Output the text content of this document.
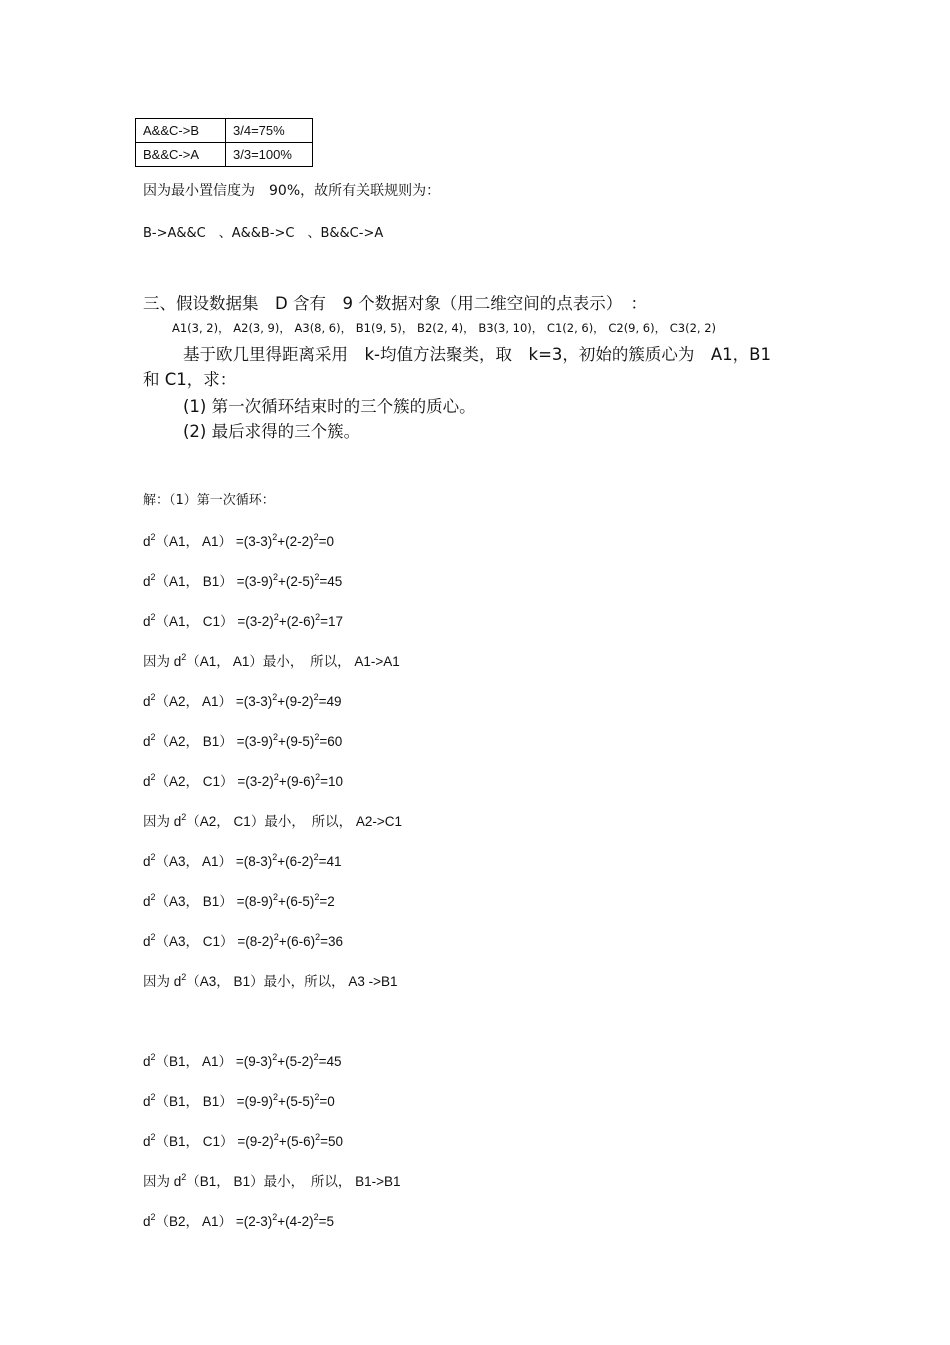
A&&C->B	3/4=75%
B&&C->A	3/3=100%
因为最小置信度为　90%，故所有关联规则为：
B->A&&C　、A&&B->C　、B&&C->A
三、假设数据集　D 含有　9 个数据对象（用二维空间的点表示）　：
A1(3, 2)， A2(3, 9)， A3(8, 6)， B1(9, 5)， B2(2, 4)， B3(3, 10)， C1(2, 6)， C2(9, 6)， C3(2, 2)
基于欧几里得距离采用　k-均值方法聚类，取　k=3，初始的簇质心为　A1，B1
和 C1，求：
(1) 第一次循环结束时的三个簇的质心。
(2) 最后求得的三个簇。
解：（1）第一次循环：
$d^2(A1$， $A1) =(3-3)^2+(2-2)^2=0$
$d^2(A1$， $B1) =(3-9)^2+(2-5)^2=45$
$d^2(A1$， $C1) =(3-2)^2+(2-6)^2=17$
因为 $d^2(A1$， A1）最小，　所以， A1->A1
$d^2(A2$， $A1) =(3-3)^2+(9-2)^2=49$
$d^2(A2$， $B1) =(3-9)^2+(9-5)^2=60$
$d^2(A2$， $C1) =(3-2)^2+(9-6)^2=10$
因为 $d^2(A2$， C1）最小，　所以， A2->C1
$d^2(A3$， $A1) =(8-3)^2+(6-2)^2=41$
$d^2(A3$， $B1) =(8-9)^2+(6-5)^2=2$
$d^2(A3$， $C1) =(8-2)^2+(6-6)^2=36$
因为 $d^2(A3$， B1）最小，所以， A3 ->B1
$d^2(B1$， $A1) =(9-3)^2+(5-2)^2=45$
$d^2(B1$， $B1) =(9-9)^2+(5-5)^2=0$
$d^2(B1$， $C1) =(9-2)^2+(5-6)^2=50$
因为 $d^2(B1$， B1）最小，　所以， B1->B1
$d^2(B2$， $A1) =(2-3)^2+(4-2)^2=5$
